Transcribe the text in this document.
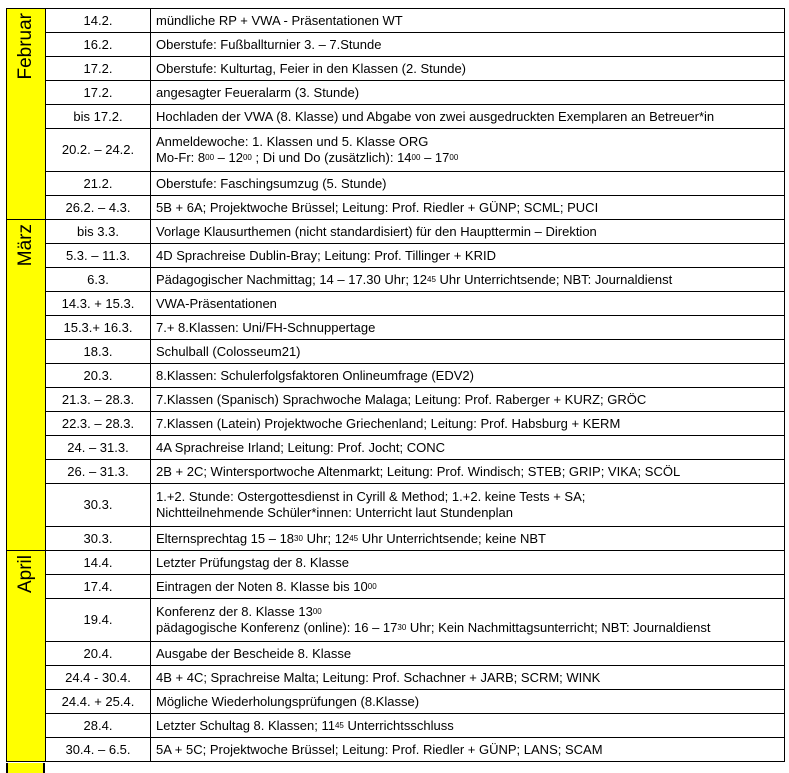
Februar	14.2.	mündliche RP + VWA - Präsentationen WT
	16.2.	Oberstufe: Fußballturnier 3. – 7.Stunde
	17.2.	Oberstufe: Kulturtag, Feier in den Klassen (2. Stunde)
	17.2.	angesagter Feueralarm (3. Stunde)
	bis 17.2.	Hochladen der VWA (8. Klasse) und Abgabe von zwei ausgedruckten Exemplaren an Betreuer*in
	20.2. – 24.2.	Anmeldewoche: 1. Klassen und 5. Klasse ORG
Mo-Fr: $8^{00} - 12^{00}$ ; Di und Do (zusätzlich): $14^{00} - 17^{00}$

	21.2.	Oberstufe: Faschingsumzug (5. Stunde)
	26.2. – 4.3.	5B + 6A; Projektwoche Brüssel; Leitung: Prof. Riedler + GÜNP; SCML; PUCI
März	bis 3.3.	Vorlage Klausurthemen (nicht standardisiert) für den Haupttermin – Direktion
	5.3. – 11.3.	4D Sprachreise Dublin-Bray; Leitung: Prof. Tillinger + KRID
	6.3.	Pädagogischer Nachmittag; 14 – 17.30 Uhr; $12^{45}$ Uhr Unterrichtsende; NBT: Journaldienst
	14.3. + 15.3.	VWA-Präsentationen
	15.3.+ 16.3.	7.+ 8.Klassen: Uni/FH-Schnuppertage
	18.3.	Schulball (Colosseum21)
	20.3.	8.Klassen: Schulerfolgsfaktoren Onlineumfrage (EDV2)
	21.3. – 28.3.	7.Klassen (Spanisch) Sprachwoche Malaga; Leitung: Prof. Raberger + KURZ; GRÖC
	22.3. – 28.3.	7.Klassen (Latein) Projektwoche Griechenland; Leitung: Prof. Habsburg + KERM
	24. – 31.3.	4A Sprachreise Irland; Leitung: Prof. Jocht; CONC
	26. – 31.3.	2B + 2C; Wintersportwoche Altenmarkt; Leitung: Prof. Windisch; STEB; GRIP; VIKA; SCÖL
	30.3.	1.+2. Stunde: Ostergottesdienst in Cyrill & Method; 1.+2. keine Tests + SA;
Nichtteilnehmende Schüler*innen: Unterricht laut Stundenplan

	30.3.	Elternsprechtag $15 - 18^{30}$ Uhr; $12^{45}$ Uhr Unterrichtsende; keine NBT
April	14.4.	Letzter Prüfungstag der 8. Klasse
	17.4.	Eintragen der Noten 8. Klasse bis $10^{00}$
	19.4.	Konferenz der 8. Klasse $13^{00}$
pädagogische Konferenz (online): $16 - 17^{30}$ Uhr; Kein Nachmittagsunterricht; NBT: Journaldienst

	20.4.	Ausgabe der Bescheide 8. Klasse
	24.4 - 30.4.	4B + 4C; Sprachreise Malta; Leitung: Prof. Schachner + JARB; SCRM; WINK
	24.4. + 25.4.	Mögliche Wiederholungsprüfungen (8.Klasse)
	28.4.	Letzter Schultag 8. Klassen; $11^{45}$ Unterrichtsschluss
	30.4. – 6.5.	5A + 5C; Projektwoche Brüssel; Leitung: Prof. Riedler + GÜNP; LANS; SCAM
